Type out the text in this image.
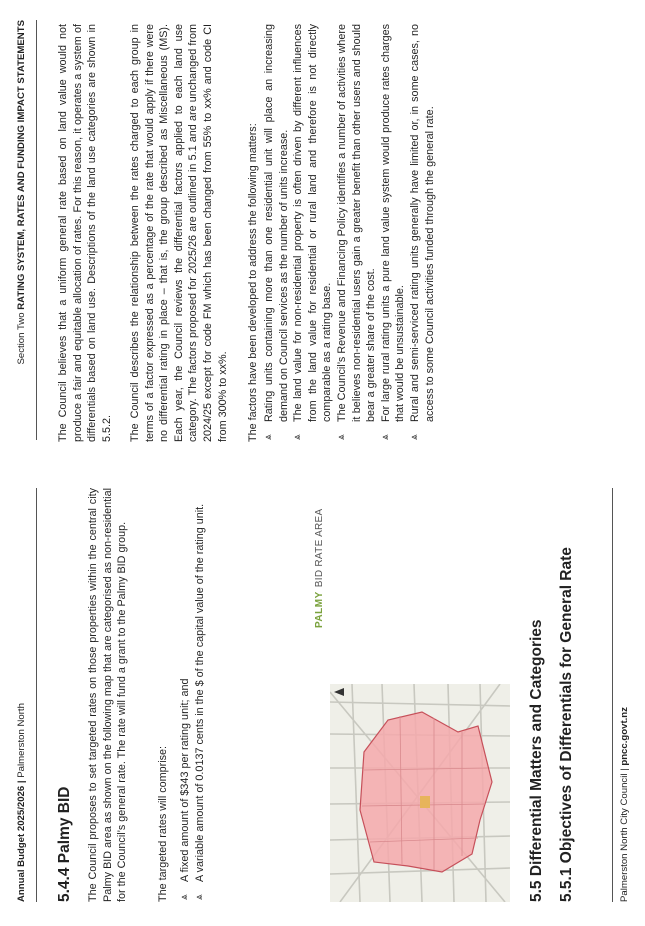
Annual Budget 2025/2026 | Palmerston North
Section Two RATING SYSTEM, RATES AND FUNDING IMPACT STATEMENTS
5.4.4 Palmy BID The Council proposes to set targeted rates on those properties within the central city Palmy BID area as shown on the following map that are categorised as non-residential for the Council’s general rate. The rate will fund a grant to the Palmy BID group.	The targeted rates will comprise: ⩓
A fixed amount of $343 per rating unit; and
⩓
A variable amount of 0.0137 cents in the $ of the capital value of the rating unit.	PALMYBID RATE AREA
5.5 Differential Matters and Categories 5.5.1 Objectives of Differentials for General Rate	Palmerston North City Council | pncc.govt.nz

The Council believes that a uniform general rate based on land value would not produce a fair and equitable allocation of rates. For this reason, it operates a system of differentials based on land use. Descriptions of the land use categories are shown in 5.5.2. The Council describes the relationship between the rates charged to each group in terms of a factor expressed as a percentage of the rate that would apply if there were no differential rating in place – that is, the group described as Miscellaneous (MS). Each year, the Council reviews the differential factors applied to each land use category. The factors proposed for 2025/26 are outlined in 5.1 and are unchanged from 2024/25 except for code FM which has been changed from 55% to xx% and code CI from 300% to xx%. The factors have been developed to address the following matters: ⩓
Rating units containing more than one residential unit will place an increasing demand on Council services as the number of units increase.
⩓
The land value for non-residential property is often driven by different influences from the land value for residential or rural land and therefore is not directly comparable as a rating base.
⩓
The Council’s Revenue and Financing Policy identifies a number of activities where it believes non-residential users gain a greater benefit than other users and should bear a greater share of the cost.
⩓
For large rural rating units a pure land value system would produce rates charges that would be unsustainable.
⩓
Rural and semi-serviced rating units generally have limited or, in some cases, no access to some Council activities funded through the general rate.
